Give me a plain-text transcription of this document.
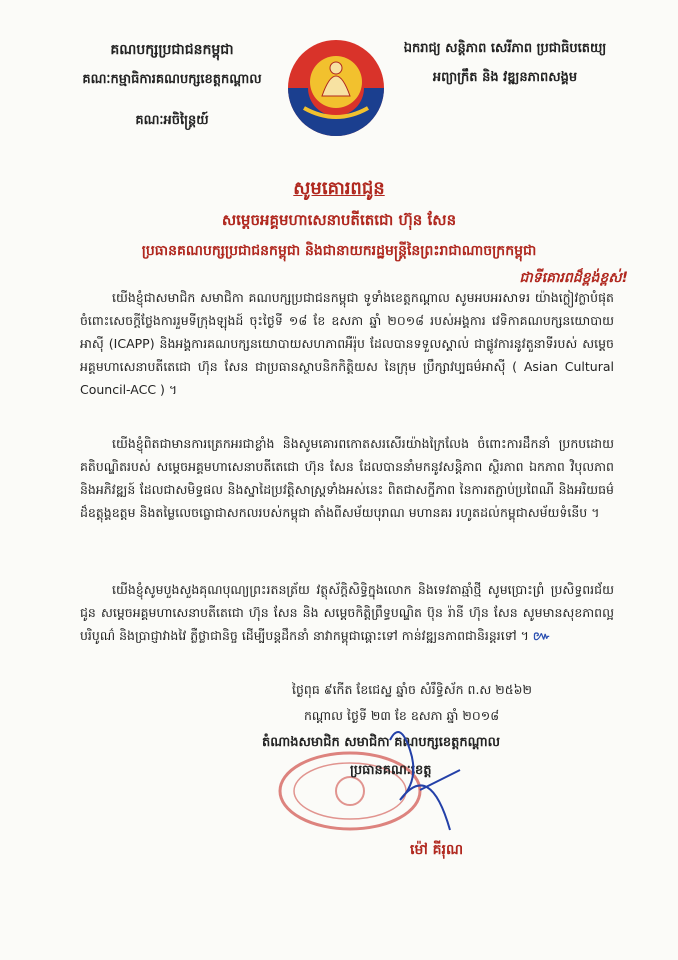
គណបក្សប្រជាជនកម្ពុជា
គណៈកម្មាធិការគណបក្សខេត្តកណ្ដាល
គណៈអចិន្ត្រៃយ៍
ឯករាជ្យ សន្តិភាព សេរីភាព ប្រជាធិបតេយ្យ
អព្យាក្រឹត និង វឌ្ឍនភាពសង្គម
សូមគោរពជូន
សម្ដេចអគ្គមហាសេនាបតីតេជោ ហ៊ុន សែន
ប្រធានគណបក្សប្រជាជនកម្ពុជា និងជានាយករដ្ឋមន្ត្រីនៃព្រះរាជាណាចក្រកម្ពុជា
ជាទីគោរពដ៏ខ្ពង់ខ្ពស់!
យើងខ្ញុំជាសមាជិក សមាជិកា គណបក្សប្រជាជនកម្ពុជា ទូទាំងខេត្តកណ្ដាល សូមអបអរសាទរ យ៉ាងក្លៀវក្លាបំផុត ចំពោះសេចក្ដីថ្លែងការរួមទីក្រុងឡុងដ៍ ចុះថ្ងៃទី ១៨ ខែ ឧសភា ឆ្នាំ ២០១៨ របស់អង្គការ វេទិកាគណបក្សនយោបាយអាស៊ី (ICAPP) និងអង្គការគណបក្សនយោបាយសហភាពអឺរ៉ុប ដែលបានទទួលស្គាល់ ជាផ្លូវការនូវតួនាទីរបស់ សម្ដេចអគ្គមហាសេនាបតីតេជោ ហ៊ុន សែន ជាប្រធានស្ថាបនិកកិត្តិយស នៃក្រុម ប្រឹក្សាវប្បធម៌អាស៊ី ( Asian Cultural Council-ACC ) ។
យើងខ្ញុំពិតជាមានការត្រេកអរជាខ្លាំង និងសូមគោរពកោតសរសើរយ៉ាងក្រៃលែង ចំពោះការដឹកនាំ ប្រកបដោយគតិបណ្ឌិតរបស់ សម្ដេចអគ្គមហាសេនាបតីតេជោ ហ៊ុន សែន ដែលបាននាំមកនូវសន្តិភាព ស្ថិរភាព ឯកភាព វិបុលភាព និងអភិវឌ្ឍន៍ ដែលជាសមិទ្ធផល និងស្នាដៃប្រវត្តិសាស្ត្រទាំងអស់នេះ ពិតជាសក្ខីភាព នៃការតភ្ជាប់ប្រពៃណី និងអរិយធម៌ ដ៏ឧត្ដុង្គឧត្ដម និងតម្លៃលេចធ្លោជាសកលរបស់កម្ពុជា តាំងពីសម័យបុរាណ មហានគរ រហូតដល់កម្ពុជាសម័យទំនើប ។
យើងខ្ញុំសូមបួងសួងគុណបុណ្យព្រះរតនត្រ័យ វត្ថុស័ក្តិសិទ្ធិក្នុងលោក និងទេវតាឆ្មាំថ្មី សូមប្រោះព្រំ ប្រសិទ្ធពរជ័យ ជូន សម្ដេចអគ្គមហាសេនាបតីតេជោ ហ៊ុន សែន និង សម្ដេចកិត្តិព្រឹទ្ធបណ្ឌិត ប៊ុន រ៉ានី ហ៊ុន សែន សូមមានសុខភាពល្អបរិបូណ៌ និងប្រាជ្ញាវាងវៃ ភ្លឺថ្លាជានិច្ច ដើម្បីបន្តដឹកនាំ នាវាកម្ពុជាឆ្ពោះទៅ កាន់វឌ្ឍនភាពជានិរន្តរទៅ ។ ៚
ថ្ងៃពុធ ៩កើត ខែជេស្ឋ ឆ្នាំច សំរឹទ្ធិស័ក ព.ស ២៥៦២
កណ្ដាល ថ្ងៃទី ២៣ ខែ ឧសភា ឆ្នាំ ២០១៨
តំណាងសមាជិក សមាជិកា គណបក្សខេត្តកណ្ដាល
ប្រធានគណៈខេត្ត
ម៉ៅ គីរុណ
